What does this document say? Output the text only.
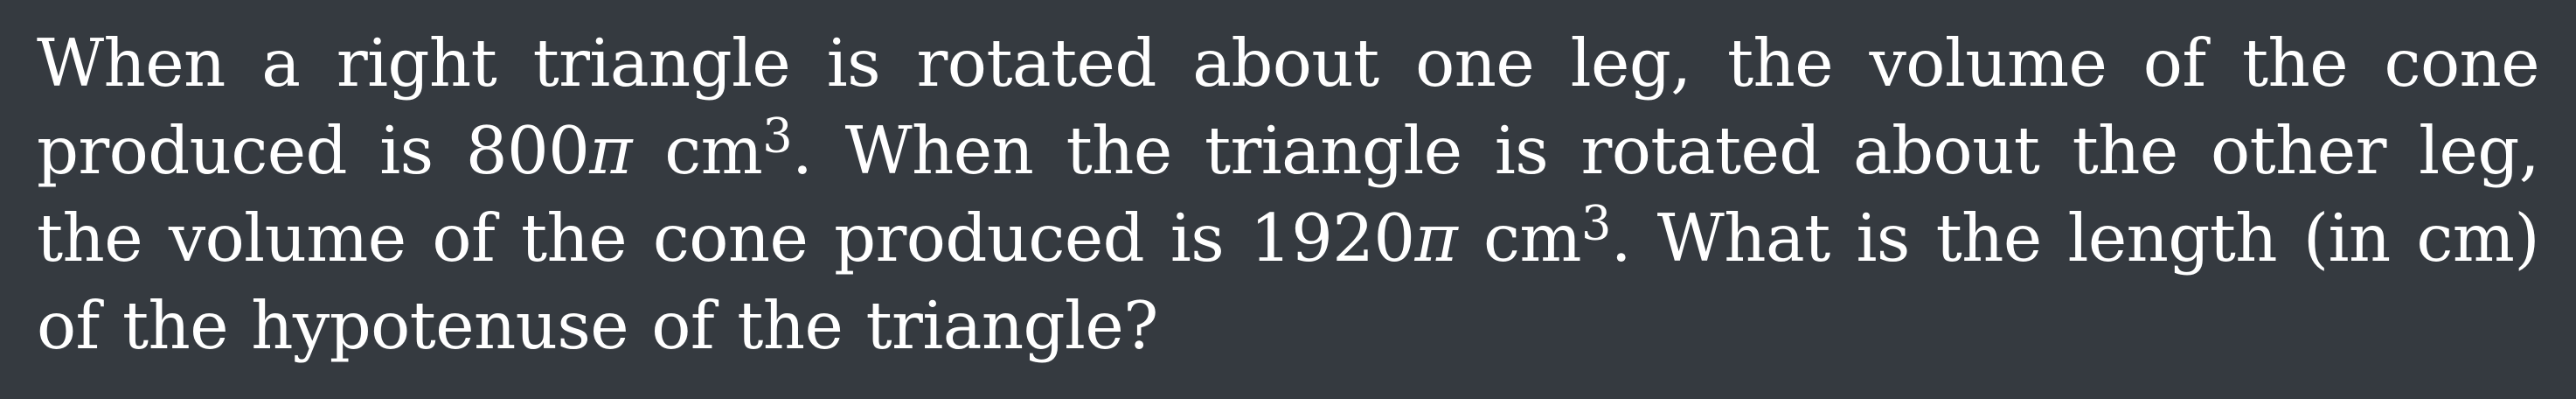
When a right triangle is rotated about one leg, the volume of the cone produced is 800π $cm^3$. When the triangle is rotated about the other leg, the volume of the cone produced is 1920π $cm^3$. What is the length (in cm) of the hypotenuse of the triangle?
